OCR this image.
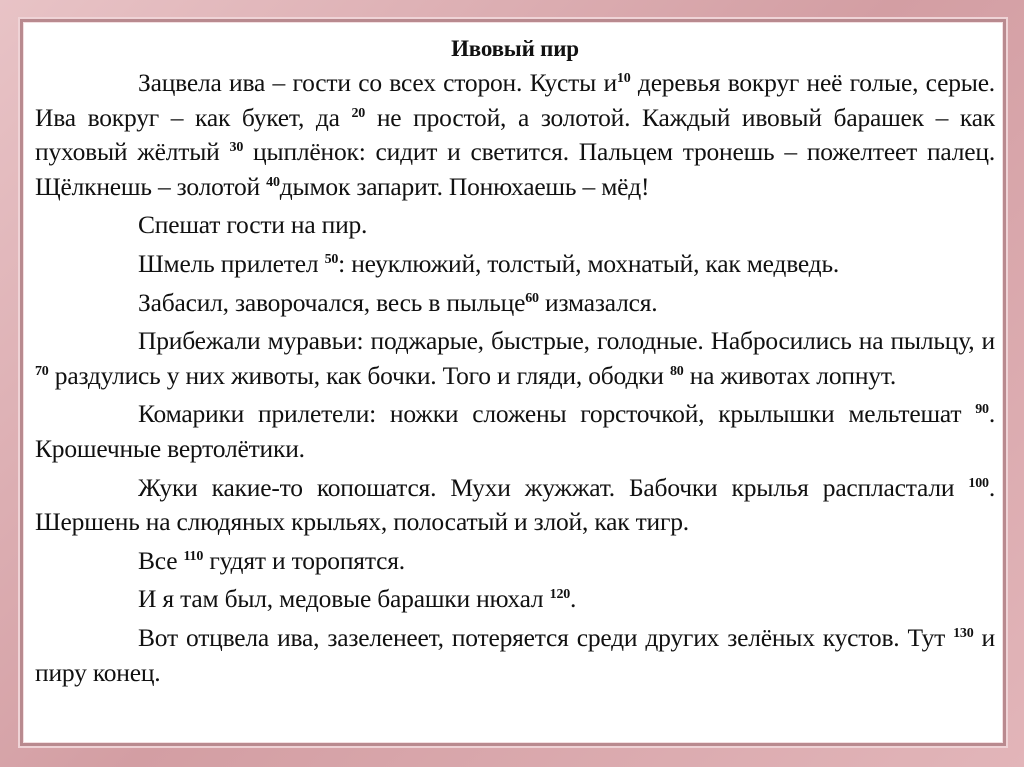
Ивовый пир

Зацвела ива – гости со всех сторон. Кусты $и^{10}$ деревья вокруг неё голые, серые. Ива вокруг – как букет, да $^{20}$ не простой, а золотой. Каждый ивовый барашек – как пуховый жёлтый $^{30}$ цыплёнок: сидит и светится. Пальцем тронешь – пожелтеет палец. Щёлкнешь – золотой $^{40}$дымок запарит. Понюхаешь – мёд!

Спешат гости на пир.

Шмель прилетел $^{50}$: неуклюжий, толстый, мохнатый, как медведь.

Забасил, заворочался, весь в пыльце$^{60}$ измазался.

Прибежали муравьи: поджарые, быстрые, голодные. Набросились на пыльцу, и $^{70}$ раздулись у них животы, как бочки. Того и гляди, ободки $^{80}$ на животах лопнут.

Комарики прилетели: ножки сложены горсточкой, крылышки мельтешат $^{90}$. Крошечные вертолётики.

Жуки какие-то копошатся. Мухи жужжат. Бабочки крылья распластали $^{100}$. Шершень на слюдяных крыльях, полосатый и злой, как тигр.

Все $^{110}$ гудят и торопятся.

И я там был, медовые барашки нюхал $^{120}$.

Вот отцвела ива, зазеленеет, потеряется среди других зелёных кустов. Тут $^{130}$ и пиру конец.
